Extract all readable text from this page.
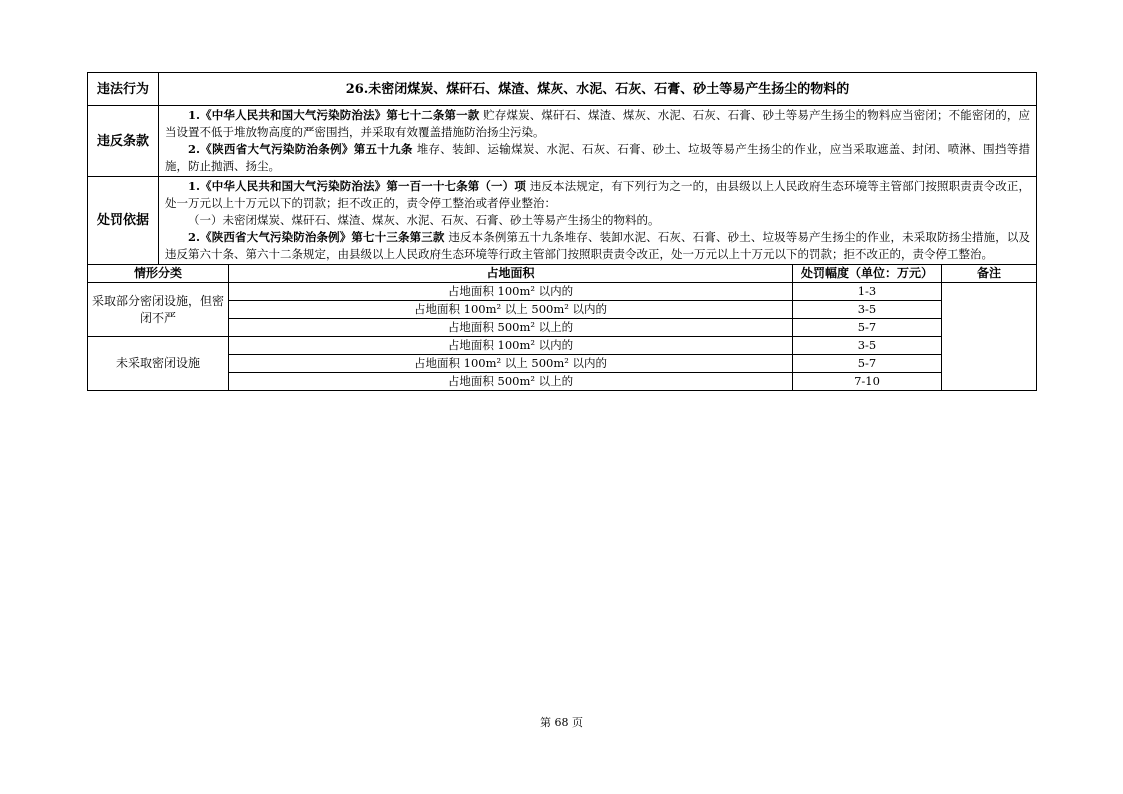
违法行为	26.未密闭煤炭、煤矸石、煤渣、煤灰、水泥、石灰、石膏、砂土等易产生扬尘的物料的			
违反条款	1.《中华人民共和国大气污染防治法》第七十二条第一款 贮存煤炭、煤矸石、煤渣、煤灰、水泥、石灰、石膏、砂土等易产生扬尘的物料应当密闭；不能密闭的，应当设置不低于堆放物高度的严密围挡，并采取有效覆盖措施防治扬尘污染。

2.《陕西省大气污染防治条例》第五十九条 堆存、装卸、运输煤炭、水泥、石灰、石膏、砂土、垃圾等易产生扬尘的作业，应当采取遮盖、封闭、喷淋、围挡等措施，防止抛洒、扬尘。			

处罚依据	1.《中华人民共和国大气污染防治法》第一百一十七条第（一）项 违反本法规定，有下列行为之一的，由县级以上人民政府生态环境等主管部门按照职责责令改正，处一万元以上十万元以下的罚款；拒不改正的，责令停工整治或者停业整治：

（一）未密闭煤炭、煤矸石、煤渣、煤灰、水泥、石灰、石膏、砂土等易产生扬尘的物料的。

2.《陕西省大气污染防治条例》第七十三条第三款 违反本条例第五十九条堆存、装卸水泥、石灰、石膏、砂土、垃圾等易产生扬尘的作业，未采取防扬尘措施，以及违反第六十条、第六十二条规定，由县级以上人民政府生态环境等行政主管部门按照职责责令改正，处一万元以上十万元以下的罚款；拒不改正的，责令停工整治。			

情形分类		占地面积	处罚幅度（单位：万元）	备注
采取部分密闭设施，但密闭不严		占地面积 100m² 以内的	1-3	
		占地面积 100m² 以上 500m² 以内的	3-5	
		占地面积 500m² 以上的	5-7	
未采取密闭设施		占地面积 100m² 以内的	3-5	
		占地面积 100m² 以上 500m² 以内的	5-7	
		占地面积 500m² 以上的	7-10	
第 68 页
